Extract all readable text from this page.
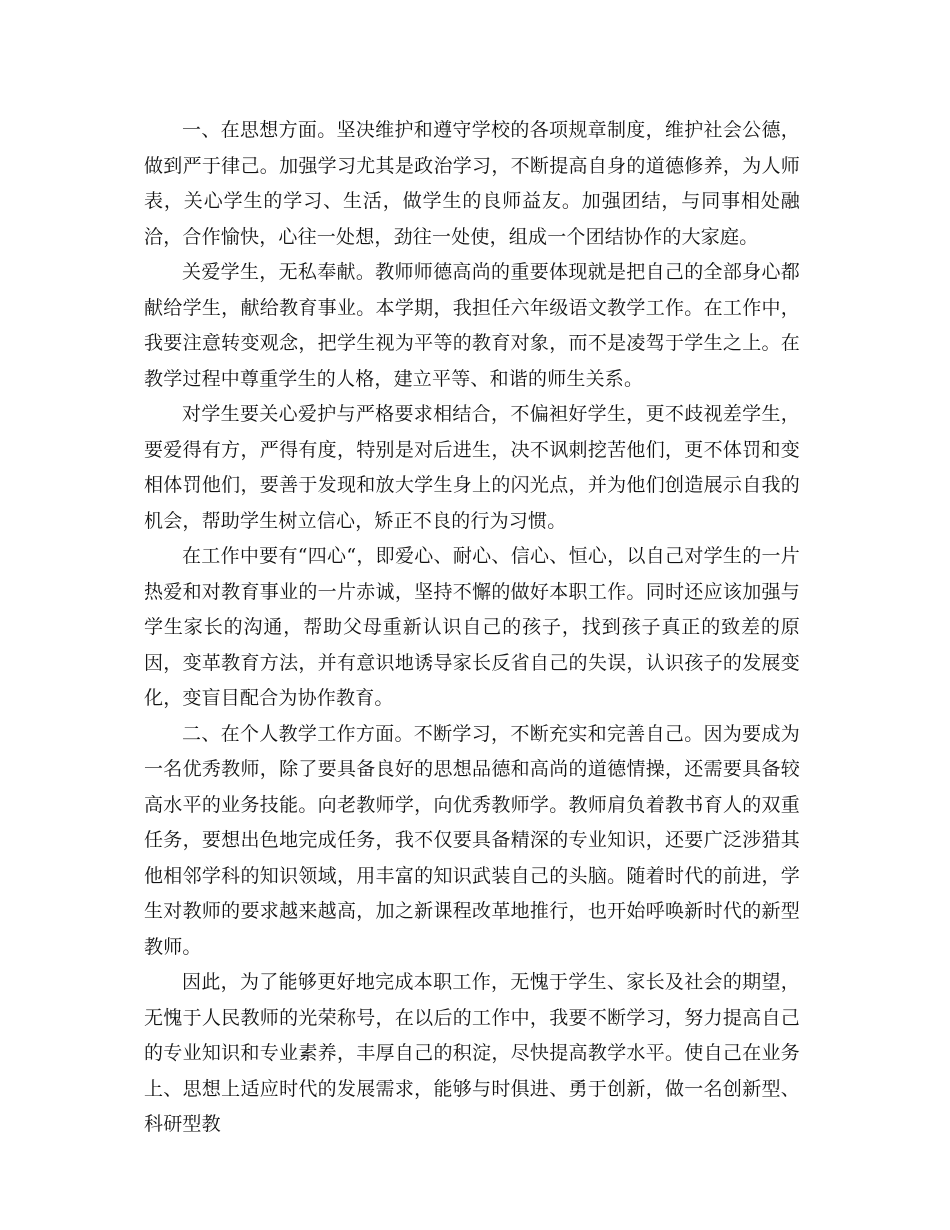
一、在思想方面。坚决维护和遵守学校的各项规章制度，维护社会公德，做到严于律己。加强学习尤其是政治学习，不断提高自身的道德修养，为人师表，关心学生的学习、生活，做学生的良师益友。加强团结，与同事相处融洽，合作愉快，心往一处想，劲往一处使，组成一个团结协作的大家庭。

关爱学生，无私奉献。教师师德高尚的重要体现就是把自己的全部身心都献给学生，献给教育事业。本学期，我担任六年级语文教学工作。在工作中，我要注意转变观念，把学生视为平等的教育对象，而不是凌驾于学生之上。在教学过程中尊重学生的人格，建立平等、和谐的师生关系。

对学生要关心爱护与严格要求相结合，不偏袒好学生，更不歧视差学生，要爱得有方，严得有度，特别是对后进生，决不讽刺挖苦他们，更不体罚和变相体罚他们，要善于发现和放大学生身上的闪光点，并为他们创造展示自我的机会，帮助学生树立信心，矫正不良的行为习惯。

在工作中要有“四心“，即爱心、耐心、信心、恒心，以自己对学生的一片热爱和对教育事业的一片赤诚，坚持不懈的做好本职工作。同时还应该加强与学生家长的沟通，帮助父母重新认识自己的孩子，找到孩子真正的致差的原因，变革教育方法，并有意识地诱导家长反省自己的失误，认识孩子的发展变化，变盲目配合为协作教育。

二、在个人教学工作方面。不断学习，不断充实和完善自己。因为要成为一名优秀教师，除了要具备良好的思想品德和高尚的道德情操，还需要具备较高水平的业务技能。向老教师学，向优秀教师学。教师肩负着教书育人的双重任务，要想出色地完成任务，我不仅要具备精深的专业知识，还要广泛涉猎其他相邻学科的知识领域，用丰富的知识武装自己的头脑。随着时代的前进，学生对教师的要求越来越高，加之新课程改革地推行，也开始呼唤新时代的新型教师。

因此，为了能够更好地完成本职工作，无愧于学生、家长及社会的期望，无愧于人民教师的光荣称号，在以后的工作中，我要不断学习，努力提高自己的专业知识和专业素养，丰厚自己的积淀，尽快提高教学水平。使自己在业务上、思想上适应时代的发展需求，能够与时俱进、勇于创新，做一名创新型、科研型教
